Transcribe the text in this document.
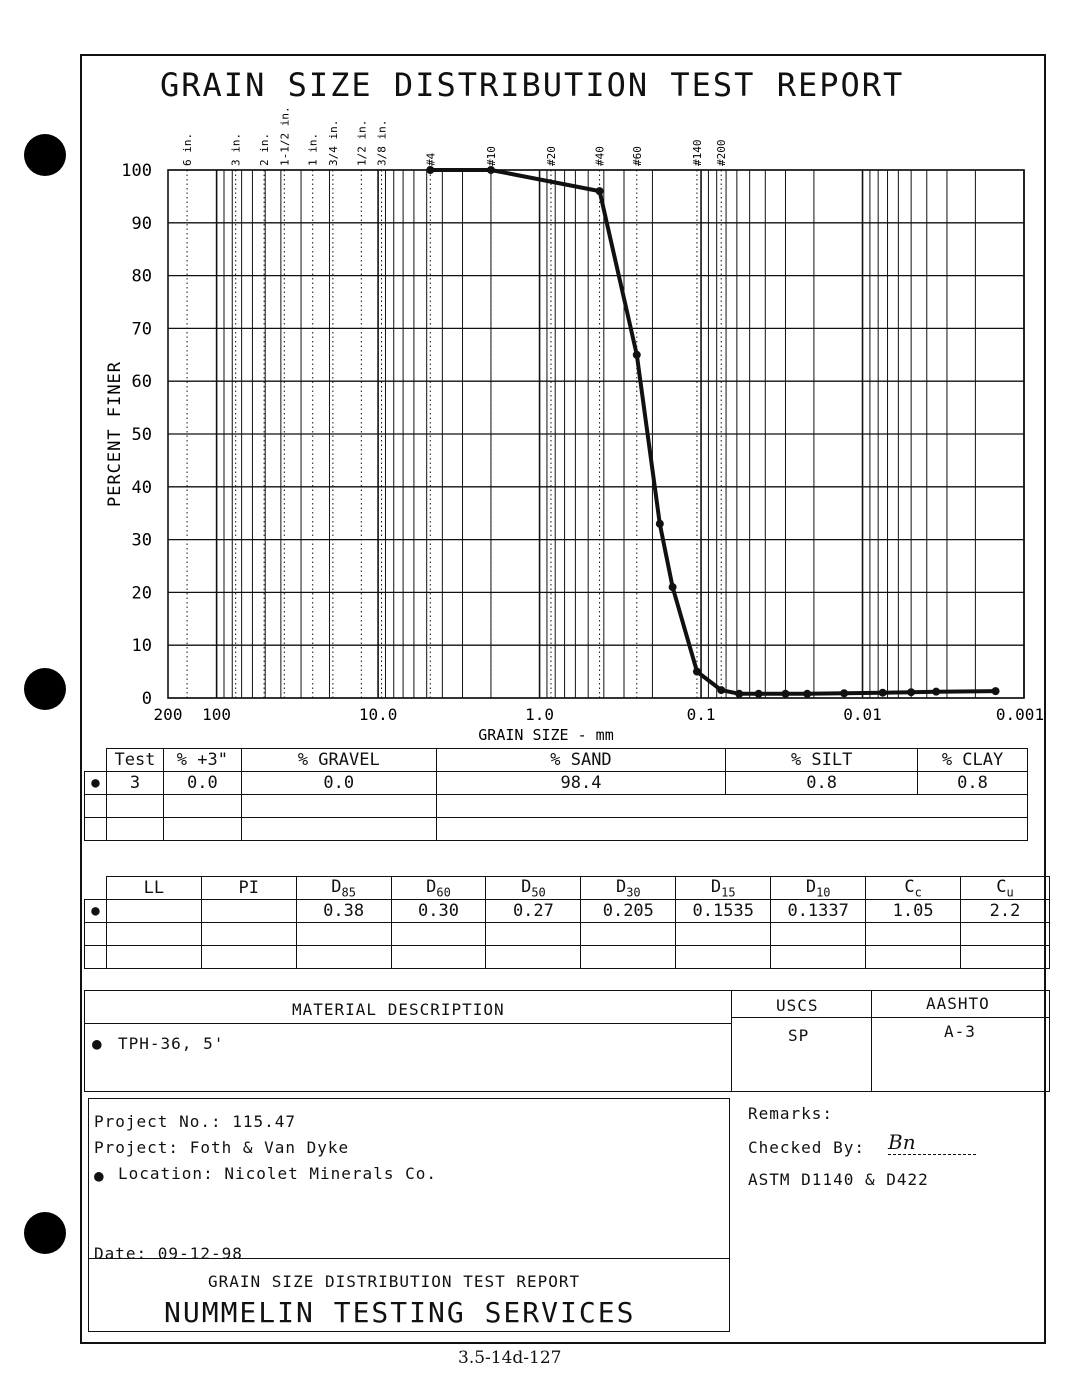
GRAIN SIZE DISTRIBUTION TEST REPORT
6 in.	3 in. 2 in. 1-1/2 in. 1 in. 3/4 in. 1/2 in. 3/8 in.	#4	#10	#20	#40 #60	#140 #200
100
90
80
70
60
50
40
30
20
10
0
200 100	10.0	1.0	0.1	0.01	0.001
GRAIN SIZE - mm
PERCENT FINER
	Test	% +3"	% GRAVEL	% SAND	% SILT	% CLAY
●	3	0.0	0.0	98.4	0.8	0.8

	LL	PI	$D_{85}$	$D_{60}$	$D_{50}$	$D_{30}$	$D_{15}$	$D_{10}$	$C_c$	$C_u$
●			0.38	0.30	0.27	0.205	0.1535	0.1337	1.05	2.2

MATERIAL DESCRIPTION	USCS	AASHTO
● TPH-36, 5'	SP	A-3
Project No.: 115.47
Project: Foth & Van Dyke
● Location: Nicolet Minerals Co.
Date: 09-12-98
GRAIN SIZE DISTRIBUTION TEST REPORT
NUMMELIN TESTING SERVICES
Remarks:
Checked By: Bn
ASTM D1140 & D422
3.5-14d-127
